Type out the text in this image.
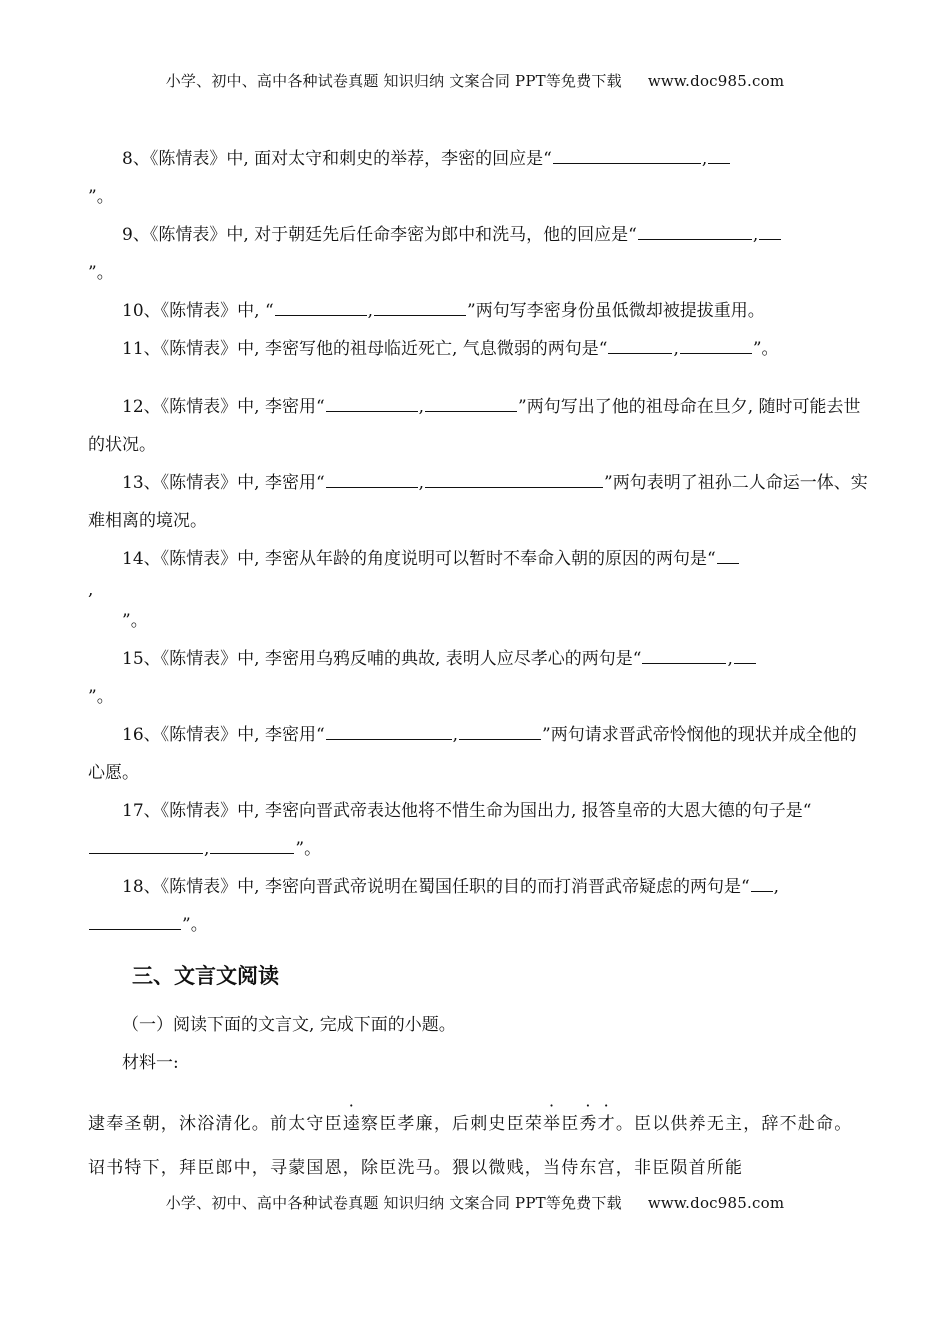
小学、初中、高中各种试卷真题 知识归纳 文案合同 PPT等免费下载 www.doc985.com

8、《陈情表》中, 面对太守和刺史的举荐，李密的回应是“	,

”。

9、《陈情表》中, 对于朝廷先后任命李密为郎中和洗马，他的回应是“	,

”。

10、《陈情表》中, “	,	”两句写李密身份虽低微却被提拔重用。

11、《陈情表》中, 李密写他的祖母临近死亡, 气息微弱的两句是“	,	”。

12、《陈情表》中, 李密用“	,	”两句写出了他的祖母命在旦夕, 随时可能去世的状况。

13、《陈情表》中, 李密用“	,	”两句表明了祖孙二人命运一体、实难相离的境况。

14、《陈情表》中, 李密从年龄的角度说明可以暂时不奉命入朝的原因的两句是“

,

”。

15、《陈情表》中, 李密用乌鸦反哺的典故, 表明人应尽孝心的两句是“	,

”。

16、《陈情表》中, 李密用“	,	”两句请求晋武帝怜悯他的现状并成全他的心愿。

17、《陈情表》中, 李密向晋武帝表达他将不惜生命为国出力, 报答皇帝的大恩大德的句子是“,	”。

18、《陈情表》中, 李密向晋武帝说明在蜀国任职的目的而打消晋武帝疑虑的两句是“ ,”。

三、文言文阅读

（一）阅读下面的文言文, 完成下面的小题。

材料一:

逮奉圣朝，沐浴清化。前太守臣逵察臣孝廉，后刺史臣荣举臣秀才。臣以供养无主，辞不赴命。诏书特下，拜臣郎中，寻蒙国恩，除臣洗马。猥以微贱，当侍东宫，非臣陨首所能
小学、初中、高中各种试卷真题 知识归纳 文案合同 PPT等免费下载 www.doc985.com
